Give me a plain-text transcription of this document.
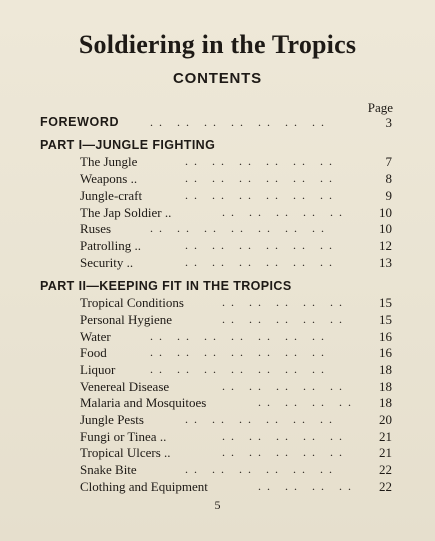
Soldiering in the Tropics
CONTENTS
Page
FOREWORD	.. .. .. .. .. .. ..	3
PART I—JUNGLE FIGHTING
The Jungle	.. .. .. .. .. ..	7
Weapons ..	.. .. .. .. .. ..	8
Jungle-craft	.. .. .. .. .. ..	9
The Jap Soldier ..	.. .. .. .. .. 10
Ruses	.. .. .. .. .. .. ..	10
Patrolling ..	.. .. .. .. .. ..	12
Security ..	.. .. .. .. .. ..	13
PART II—KEEPING FIT IN THE TROPICS
Tropical Conditions	.. .. .. .. .. 15
Personal Hygiene	.. .. .. .. .. 15
Water	.. .. .. .. .. .. ..	16
Food	.. .. .. .. .. .. ..	16
Liquor	.. .. .. .. .. .. ..	18
Venereal Disease	.. .. .. .. .. 18
Malaria and Mosquitoes	.. .. .. .. 18
Jungle Pests	.. .. .. .. .. ..	20
Fungi or Tinea ..	.. .. .. .. .. 21
Tropical Ulcers ..	.. .. .. .. .. 21
Snake Bite	.. .. .. .. .. ..	22
Clothing and Equipment	.. .. .. .. 22
5
